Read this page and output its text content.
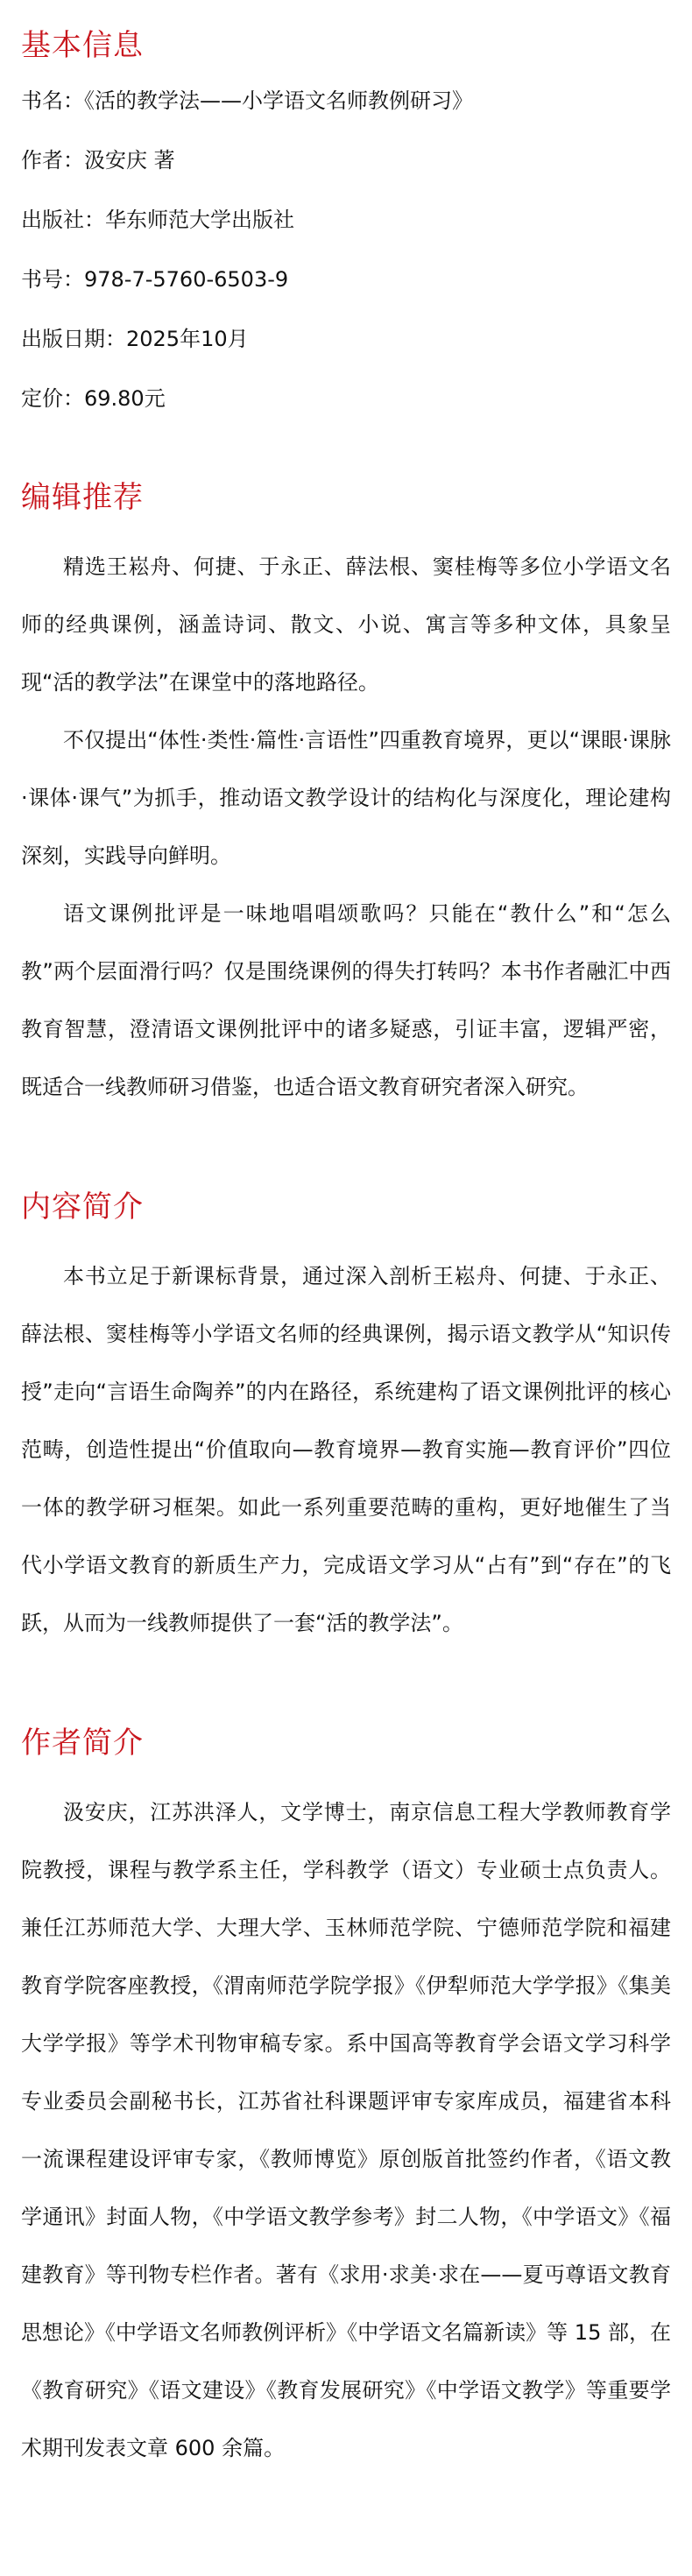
基本信息

书名：《活的教学法——小学语文名师教例研习》

作者：汲安庆 著

出版社：华东师范大学出版社

书号：978-7-5760-6503-9

出版日期：2025年10月

定价：69.80元

编辑推荐

精选王崧舟、何捷、于永正、薛法根、窦桂梅等多位小学语文名师的经典课例，涵盖诗词、散文、小说、寓言等多种文体，具象呈现“活的教学法”在课堂中的落地路径。

不仅提出“体性·类性·篇性·言语性”四重教育境界，更以“课眼·课脉·课体·课气”为抓手，推动语文教学设计的结构化与深度化，理论建构深刻，实践导向鲜明。

语文课例批评是一味地唱唱颂歌吗？只能在“教什么”和“怎么教”两个层面滑行吗？仅是围绕课例的得失打转吗？本书作者融汇中西教育智慧，澄清语文课例批评中的诸多疑惑，引证丰富，逻辑严密，既适合一线教师研习借鉴，也适合语文教育研究者深入研究。

内容简介

本书立足于新课标背景，通过深入剖析王崧舟、何捷、于永正、薛法根、窦桂梅等小学语文名师的经典课例，揭示语文教学从“知识传授”走向“言语生命陶养”的内在路径，系统建构了语文课例批评的核心范畴，创造性提出“价值取向—教育境界—教育实施—教育评价”四位一体的教学研习框架。如此一系列重要范畴的重构，更好地催生了当代小学语文教育的新质生产力，完成语文学习从“占有”到“存在”的飞跃，从而为一线教师提供了一套“活的教学法”。

作者简介

汲安庆，江苏洪泽人，文学博士，南京信息工程大学教师教育学院教授，课程与教学系主任，学科教学（语文）专业硕士点负责人。兼任江苏师范大学、大理大学、玉林师范学院、宁德师范学院和福建教育学院客座教授，《渭南师范学院学报》《伊犁师范大学学报》《集美大学学报》等学术刊物审稿专家。系中国高等教育学会语文学习科学专业委员会副秘书长，江苏省社科课题评审专家库成员，福建省本科一流课程建设评审专家，《教师博览》原创版首批签约作者，《语文教学通讯》封面人物，《中学语文教学参考》封二人物，《中学语文》《福建教育》等刊物专栏作者。著有《求用·求美·求在——夏丏尊语文教育思想论》《中学语文名师教例评析》《中学语文名篇新读》等 15 部，在《教育研究》《语文建设》《教育发展研究》《中学语文教学》等重要学术期刊发表文章 600 余篇。
